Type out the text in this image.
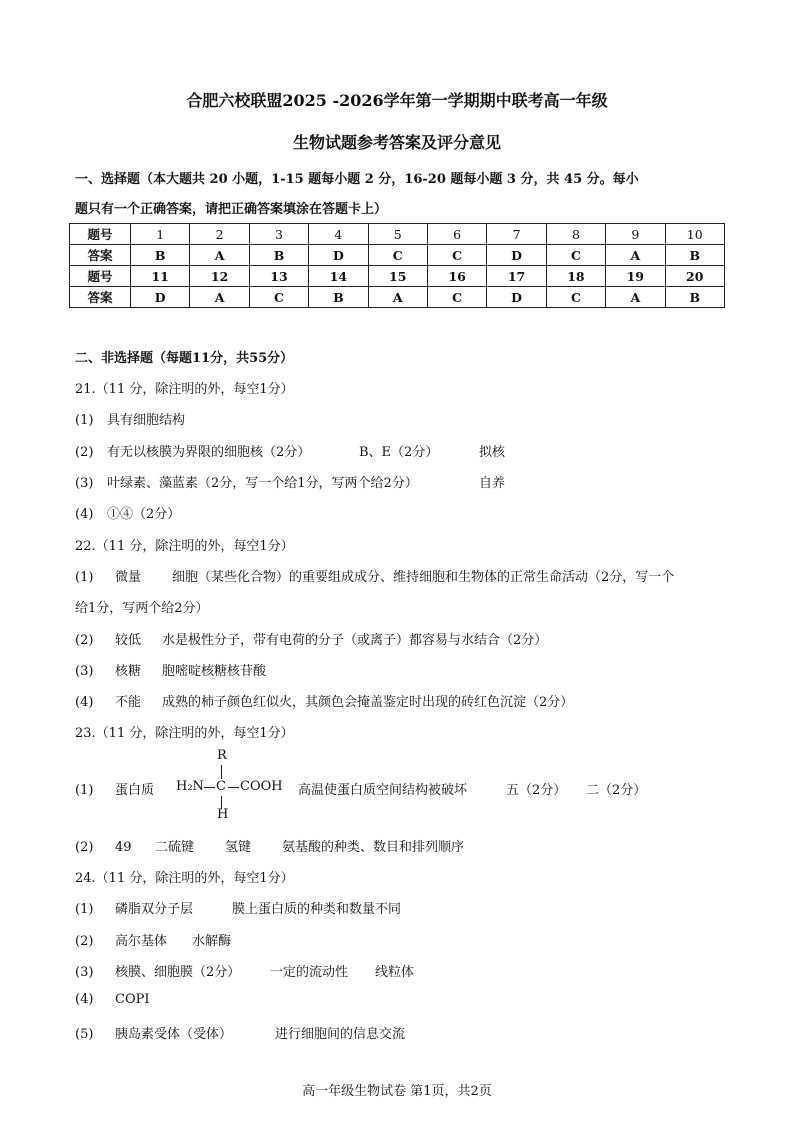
合肥六校联盟2025 -2026学年第一学期期中联考高一年级
生物试题参考答案及评分意见
一、选择题（本大题共 20 小题，1-15 题每小题 2 分，16-20 题每小题 3 分，共 45 分。每小
题只有一个正确答案，请把正确答案填涂在答题卡上）
题号	1	2	3	4	5	6	7	8	9	10
答案	B	A	B	D	C	C	D	C	A	B
题号	11	12	13	14	15	16	17	18	19	20
答案	D	A	C	B	A	C	D	C	A	B
二、非选择题（每题11分，共55分）
21.（11 分，除注明的外，每空1分）
(1) 具有细胞结构
(2) 有无以核膜为界限的细胞核（2分）	B、E（2分）	拟核
(3) 叶绿素、藻蓝素（2分，写一个给1分，写两个给2分）	自养
(4) ①④（2分）
22.（11 分，除注明的外，每空1分）
(1) 微量 细胞（某些化合物）的重要组成成分、维持细胞和生物体的正常生命活动（2分，写一个
给1分，写两个给2分）
(2) 较低 水是极性分子，带有电荷的分子（或离子）都容易与水结合（2分）
(3) 核糖 胞嘧啶核糖核苷酸
(4) 不能 成熟的柿子颜色红似火，其颜色会掩盖鉴定时出现的砖红色沉淀（2分）
23.（11 分，除注明的外，每空1分）
(1) 蛋白质	高温使蛋白质空间结构被破坏	五（2分） 二（2分）
R
H₂N C COOH
H
(2) 49 二硫键 氢键 氨基酸的种类、数目和排列顺序
24.（11 分，除注明的外，每空1分）
(1) 磷脂双分子层	膜上蛋白质的种类和数量不同
(2) 高尔基体 水解酶
(3) 核膜、细胞膜（2分） 一定的流动性 线粒体
(4) COPI
(5) 胰岛素受体（受体）	进行细胞间的信息交流
高一年级生物试卷 第1页，共2页
